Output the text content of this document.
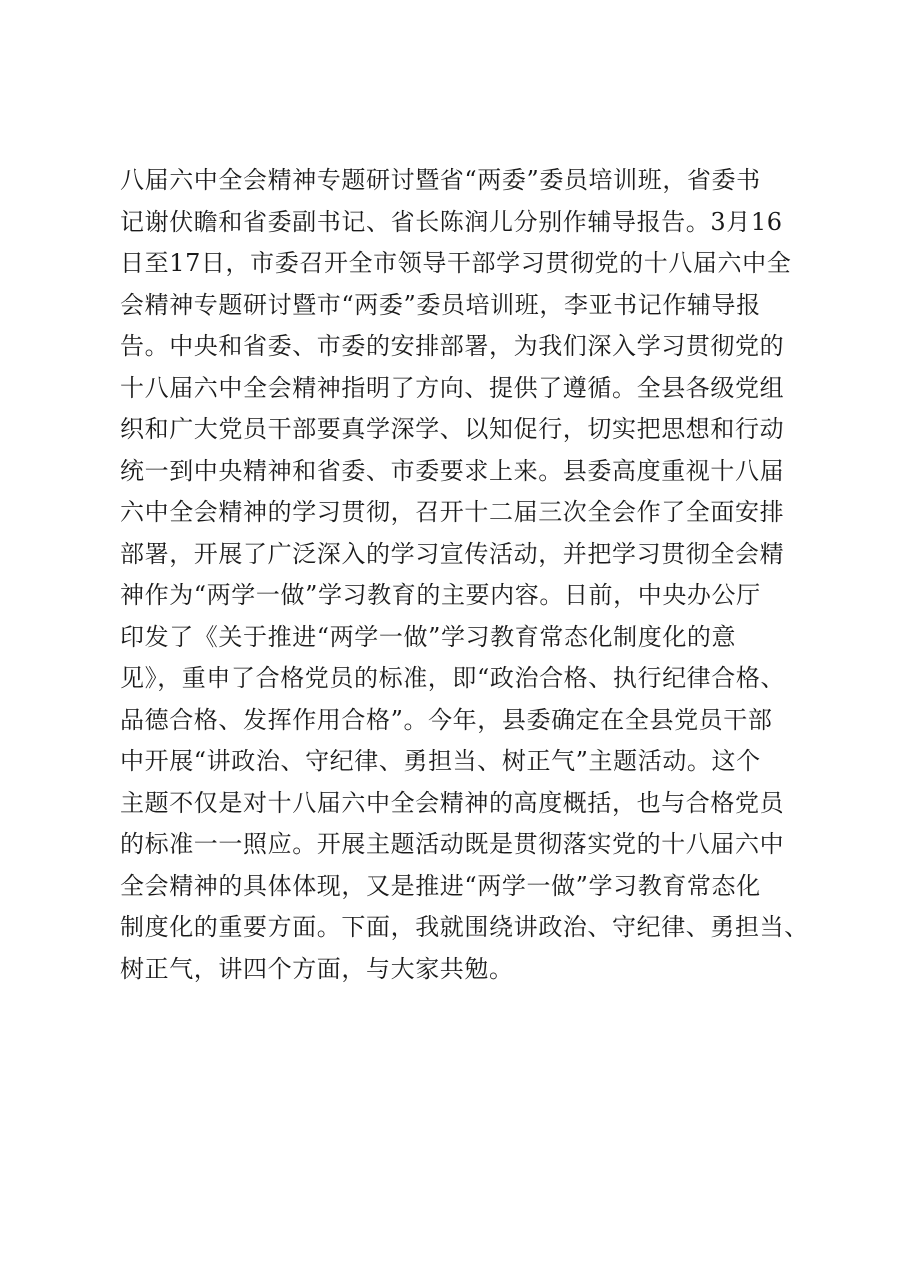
八届六中全会精神专题研讨暨省“两委”委员培训班，省委书
记谢伏瞻和省委副书记、省长陈润儿分别作辅导报告。3月16
日至17日，市委召开全市领导干部学习贯彻党的十八届六中全
会精神专题研讨暨市“两委”委员培训班，李亚书记作辅导报
告。中央和省委、市委的安排部署，为我们深入学习贯彻党的
十八届六中全会精神指明了方向、提供了遵循。全县各级党组
织和广大党员干部要真学深学、以知促行，切实把思想和行动
统一到中央精神和省委、市委要求上来。县委高度重视十八届
六中全会精神的学习贯彻，召开十二届三次全会作了全面安排
部署，开展了广泛深入的学习宣传活动，并把学习贯彻全会精
神作为“两学一做”学习教育的主要内容。日前，中央办公厅
印发了《关于推进“两学一做”学习教育常态化制度化的意
见》，重申了合格党员的标准，即“政治合格、执行纪律合格、
品德合格、发挥作用合格”。今年，县委确定在全县党员干部
中开展“讲政治、守纪律、勇担当、树正气”主题活动。这个
主题不仅是对十八届六中全会精神的高度概括，也与合格党员
的标准一一照应。开展主题活动既是贯彻落实党的十八届六中
全会精神的具体体现，又是推进“两学一做”学习教育常态化
制度化的重要方面。下面，我就围绕讲政治、守纪律、勇担当、
树正气，讲四个方面，与大家共勉。
